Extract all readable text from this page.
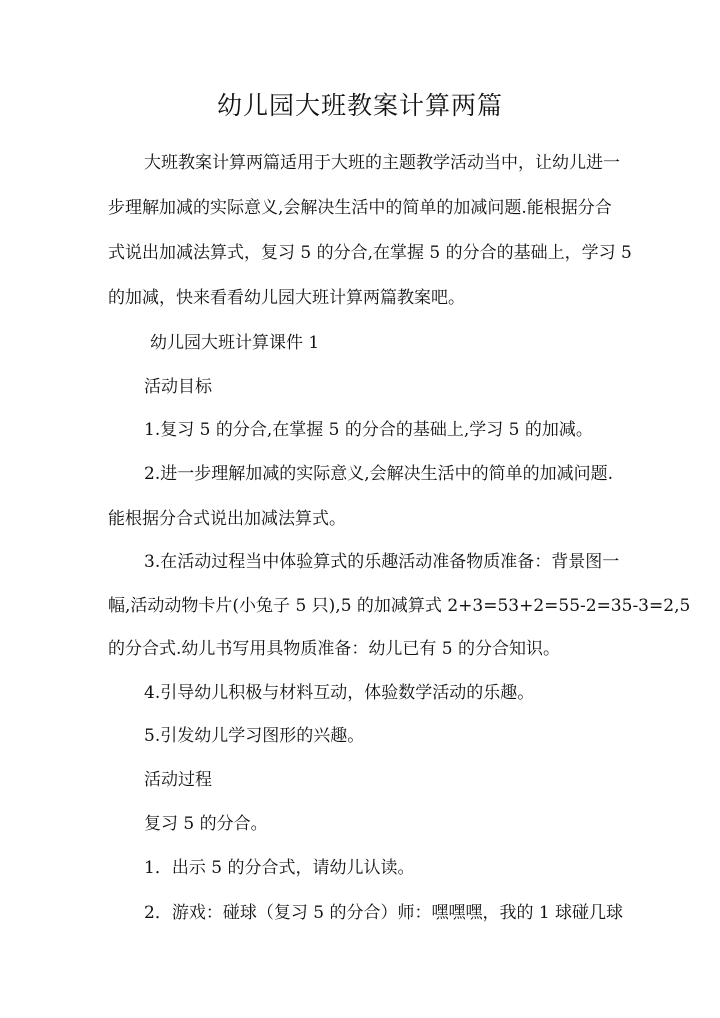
幼儿园大班教案计算两篇
大班教案计算两篇适用于大班的主题教学活动当中，让幼儿进一
步理解加减的实际意义,会解决生活中的简单的加减问题.能根据分合
式说出加减法算式，复习 5 的分合,在掌握 5 的分合的基础上，学习 5
的加减，快来看看幼儿园大班计算两篇教案吧。
幼儿园大班计算课件 1
活动目标
1.复习 5 的分合,在掌握 5 的分合的基础上,学习 5 的加减。
2.进一步理解加减的实际意义,会解决生活中的简单的加减问题.
能根据分合式说出加减法算式。
3.在活动过程当中体验算式的乐趣活动准备物质准备：背景图一
幅,活动动物卡片(小兔子 5 只),5 的加减算式 2+3=53+2=55-2=35-3=2,5
的分合式.幼儿书写用具物质准备：幼儿已有 5 的分合知识。
4.引导幼儿积极与材料互动，体验数学活动的乐趣。
5.引发幼儿学习图形的兴趣。
活动过程
复习 5 的分合。
1．出示 5 的分合式，请幼儿认读。
2．游戏：碰球（复习 5 的分合）师：嘿嘿嘿，我的 1 球碰几球
